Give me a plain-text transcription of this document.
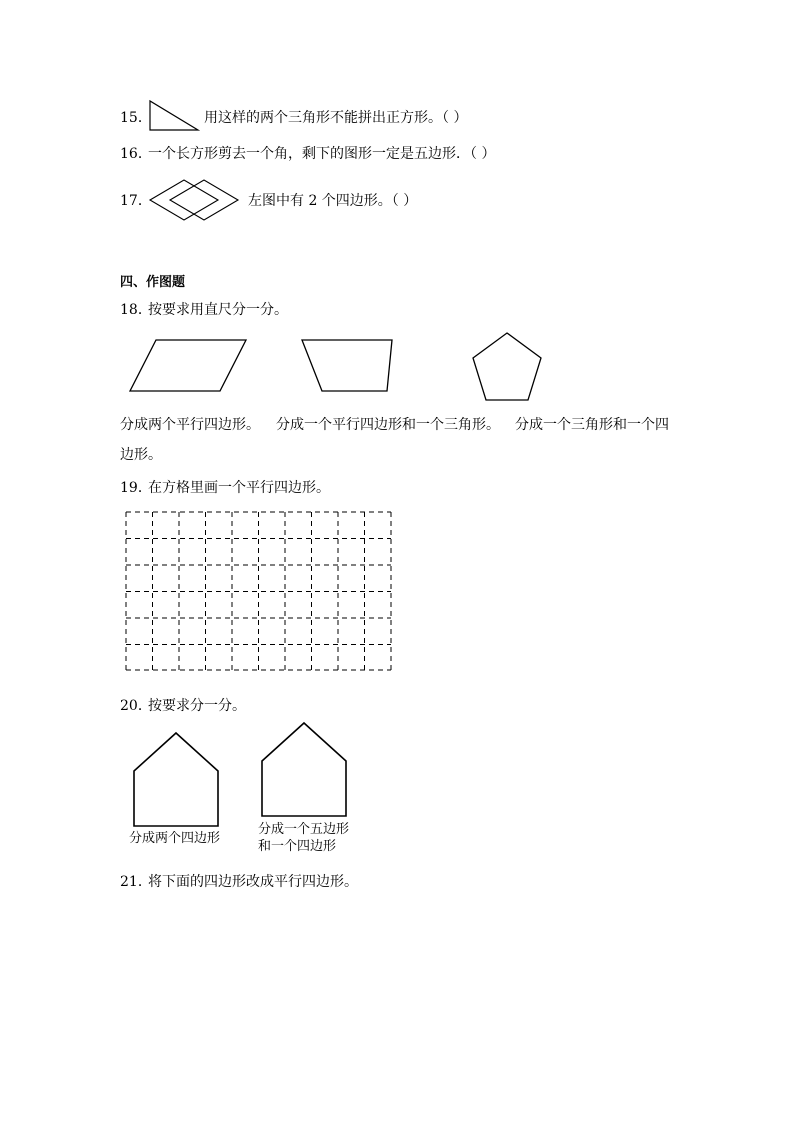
15．	用这样的两个三角形不能拼出正方形。（ ）
16．
一个长方形剪去一个角，剩下的图形一定是五边形．（ ）
17．	左图中有 2 个四边形。（ ）
四、作图题
18．
按要求用直尺分一分。
分成两个平行四边形。 分成一个平行四边形和一个三角形。 分成一个三角形和一个四
边形。
19．
在方格里画一个平行四边形。
20．
按要求分一分。
分成两个四边形
分成一个五边形
和一个四边形
21．
将下面的四边形改成平行四边形。
